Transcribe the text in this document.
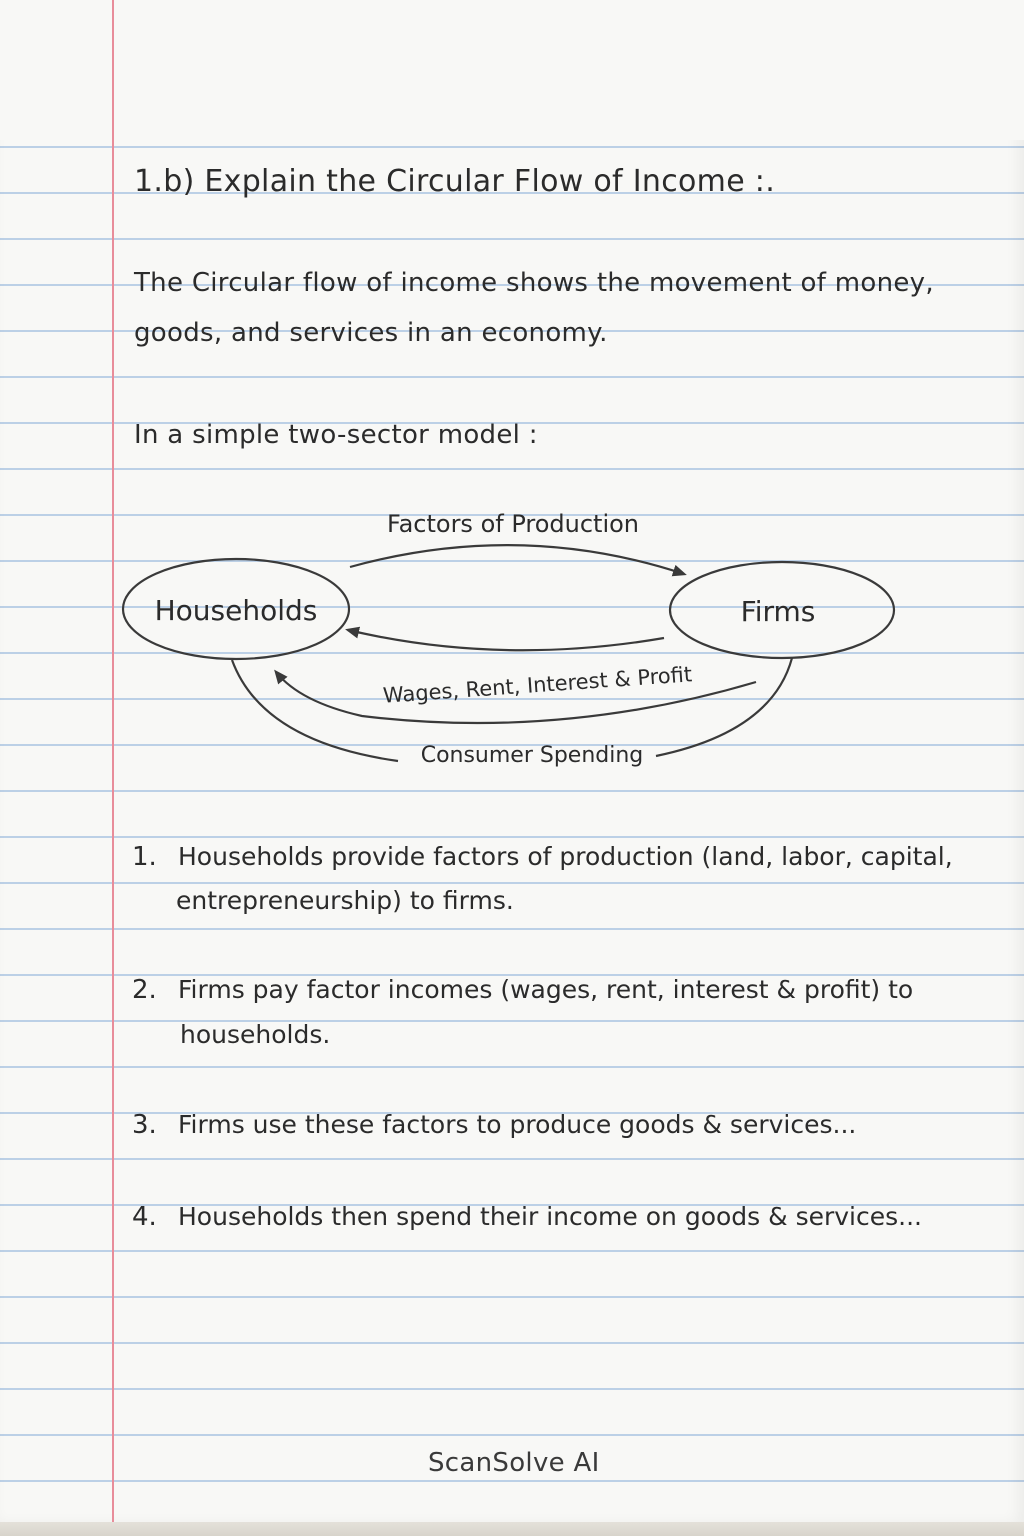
1.b) Explain the Circular Flow of Income :.
The Circular flow of income shows the movement of money,
goods, and services in an economy.
In a simple two-sector model :
Households	Firms
Factors of Production
Wages, Rent, Interest & Profit
Consumer Spending
1. Households provide factors of production (land, labor, capital,
entrepreneurship) to firms.
2. Firms pay factor incomes (wages, rent, interest & profit) to
households.
3. Firms use these factors to produce goods & services...
4. Households then spend their income on goods & services...
ScanSolve AI
